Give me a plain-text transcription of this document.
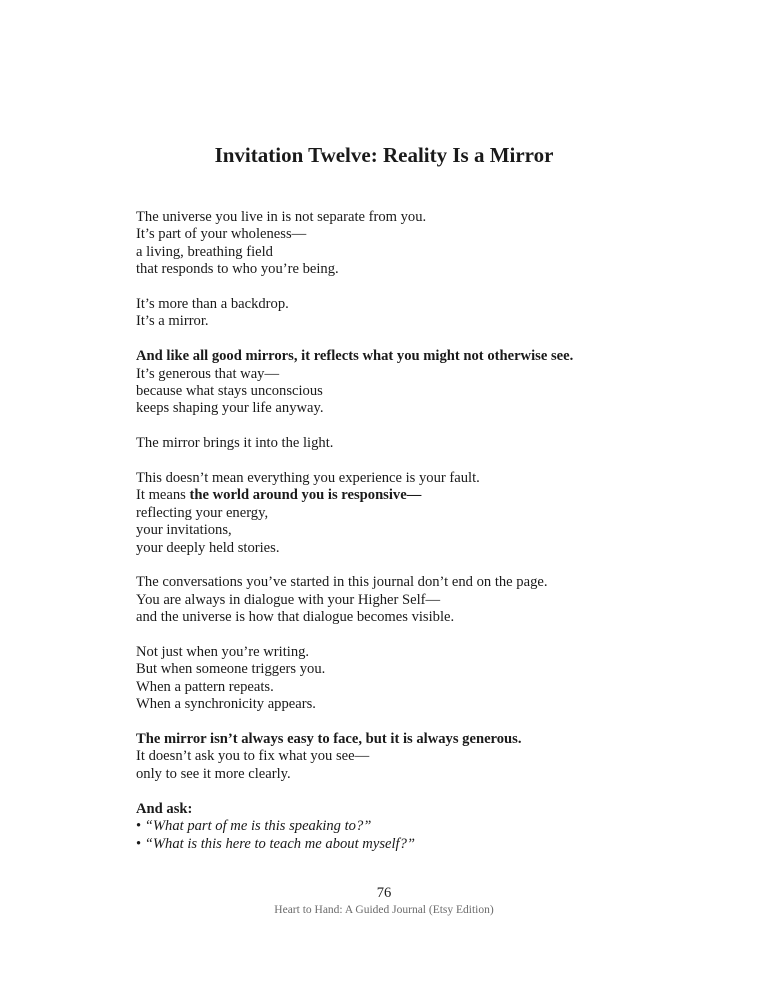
Invitation Twelve: Reality Is a Mirror

The universe you live in is not separate from you.
It’s part of your wholeness—
a living, breathing field
that responds to who you’re being.

It’s more than a backdrop.
It’s a mirror.

And like all good mirrors, it reflects what you might not otherwise see.
It’s generous that way—
because what stays unconscious
keeps shaping your life anyway.

The mirror brings it into the light.

This doesn’t mean everything you experience is your fault.
It means the world around you is responsive—
reflecting your energy,
your invitations,
your deeply held stories.

The conversations you’ve started in this journal don’t end on the page.
You are always in dialogue with your Higher Self—
and the universe is how that dialogue becomes visible.

Not just when you’re writing.
But when someone triggers you.
When a pattern repeats.
When a synchronicity appears.

The mirror isn’t always easy to face, but it is always generous.
It doesn’t ask you to fix what you see—
only to see it more clearly.

And ask:
• “What part of me is this speaking to?”
• “What is this here to teach me about myself?”

76
Heart to Hand: A Guided Journal (Etsy Edition)
